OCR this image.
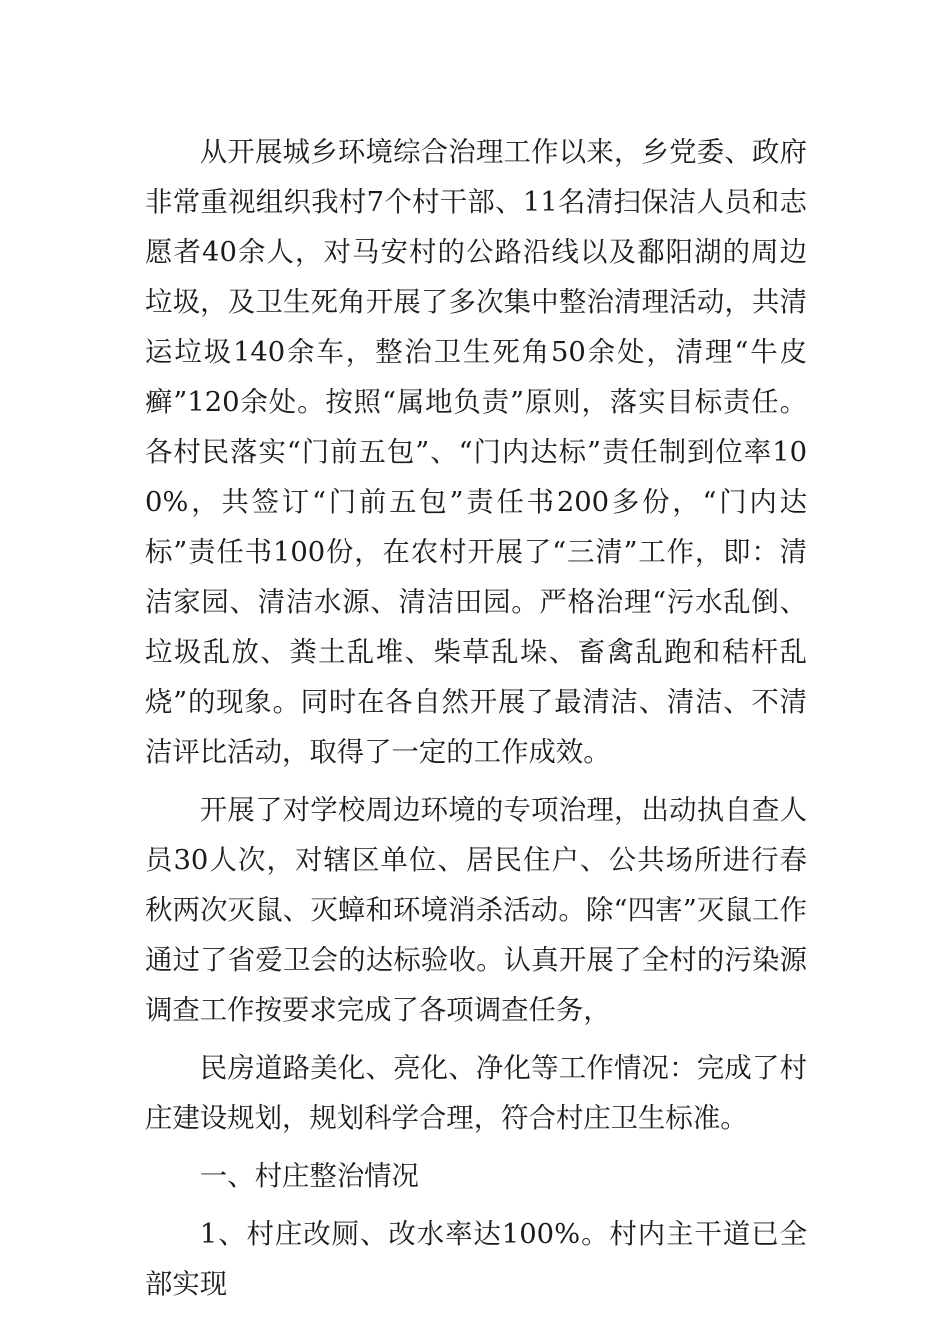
从开展城乡环境综合治理工作以来，乡党委、政府非常重视组织我村7个村干部、11名清扫保洁人员和志愿者40余人，对马安村的公路沿线以及鄱阳湖的周边垃圾，及卫生死角开展了多次集中整治清理活动，共清运垃圾140余车，整治卫生死角50余处，清理“牛皮癣”120余处。按照“属地负责”原则，落实目标责任。各村民落实“门前五包”、“门内达标”责任制到位率100%，共签订“门前五包”责任书200多份，“门内达标”责任书100份，在农村开展了“三清”工作，即：清洁家园、清洁水源、清洁田园。严格治理“污水乱倒、垃圾乱放、粪土乱堆、柴草乱垛、畜禽乱跑和秸杆乱烧”的现象。同时在各自然开展了最清洁、清洁、不清洁评比活动，取得了一定的工作成效。

开展了对学校周边环境的专项治理，出动执自查人员30人次，对辖区单位、居民住户、公共场所进行春秋两次灭鼠、灭蟑和环境消杀活动。除“四害”灭鼠工作通过了省爱卫会的达标验收。认真开展了全村的污染源调查工作按要求完成了各项调查任务，

民房道路美化、亮化、净化等工作情况：完成了村庄建设规划，规划科学合理，符合村庄卫生标准。

一、村庄整治情况

1、村庄改厕、改水率达100%。村内主干道已全部实现
